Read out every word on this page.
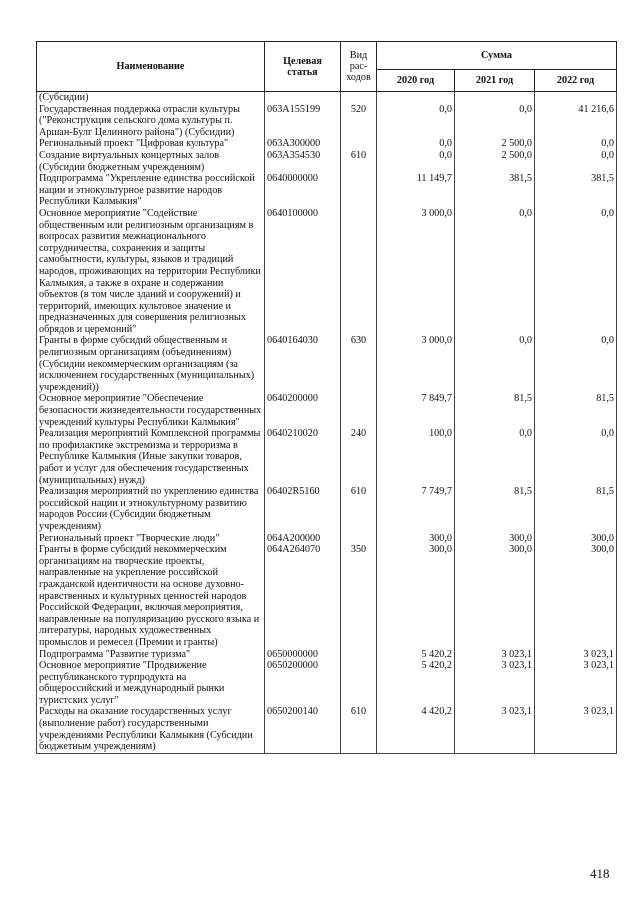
Наименование	Целевая статья	Вид
рас-
ходов	Сумма		
			2020 год	2021 год	2022 год
(Субсидии)					
Государственная поддержка отрасли культуры ("Реконструкция сельского дома культуры п. Аршан-Булг Целинного района") (Субсидии)	063A155199	520	0,0	0,0	41 216,6
Региональный проект "Цифровая культура"	063A300000		0,0	2 500,0	0,0
Создание виртуальных концертных залов (Субсидии бюджетным учреждениям)	063A354530	610	0,0	2 500,0	0,0
Подпрограмма "Укрепление единства российской нации и этнокультурное развитие народов Республики Калмыкия"	0640000000		11 149,7	381,5	381,5
Основное мероприятие "Содействие общественным или религиозным организациям в вопросах развития межнационального сотрудничества, сохранения и защиты самобытности, культуры, языков и традиций народов, проживающих на территории Республики Калмыкия, а также в охране и содержании объектов (в том числе зданий и сооружений) и территорий, имеющих культовое значение и предназначенных для совершения религиозных обрядов и церемоний"	0640100000		3 000,0	0,0	0,0
Гранты в форме субсидий общественным и религиозным организациям (объединениям) (Субсидии некоммерческим организациям (за исключением государственных (муниципальных) учреждений))	0640164030	630	3 000,0	0,0	0,0
Основное мероприятие "Обеспечение безопасности жизнедеятельности государственных учреждений культуры Республики Калмыкия"	0640200000		7 849,7	81,5	81,5
Реализация мероприятий Комплексной программы по профилактике экстремизма и терроризма в Республике Калмыкия (Иные закупки товаров, работ и услуг для обеспечения государственных (муниципальных) нужд)	0640210020	240	100,0	0,0	0,0
Реализация мероприятий по укреплению единства российской нации и этнокультурному развитию народов России (Субсидии бюджетным учреждениям)	06402R5160	610	7 749,7	81,5	81,5
Региональный проект "Творческие люди"	064A200000		300,0	300,0	300,0
Гранты в форме субсидий некоммерческим организациям на творческие проекты, направленные на укрепление российской гражданской идентичности на основе духовно-нравственных и культурных ценностей народов Российской Федерации, включая мероприятия, направленные на популяризацию русского языка и литературы, народных художественных промыслов и ремесел (Премии и гранты)	064A264070	350	300,0	300,0	300,0
Подпрограмма "Развитие туризма"	0650000000		5 420,2	3 023,1	3 023,1
Основное мероприятие "Продвижение республиканского турпродукта на общероссийский и международный рынки туристских услуг"	0650200000		5 420,2	3 023,1	3 023,1
Расходы на оказание государственных услуг (выполнение работ) государственными учреждениями Республики Калмыкия (Субсидии бюджетным учреждениям)	0650200140	610	4 420,2	3 023,1	3 023,1
418
